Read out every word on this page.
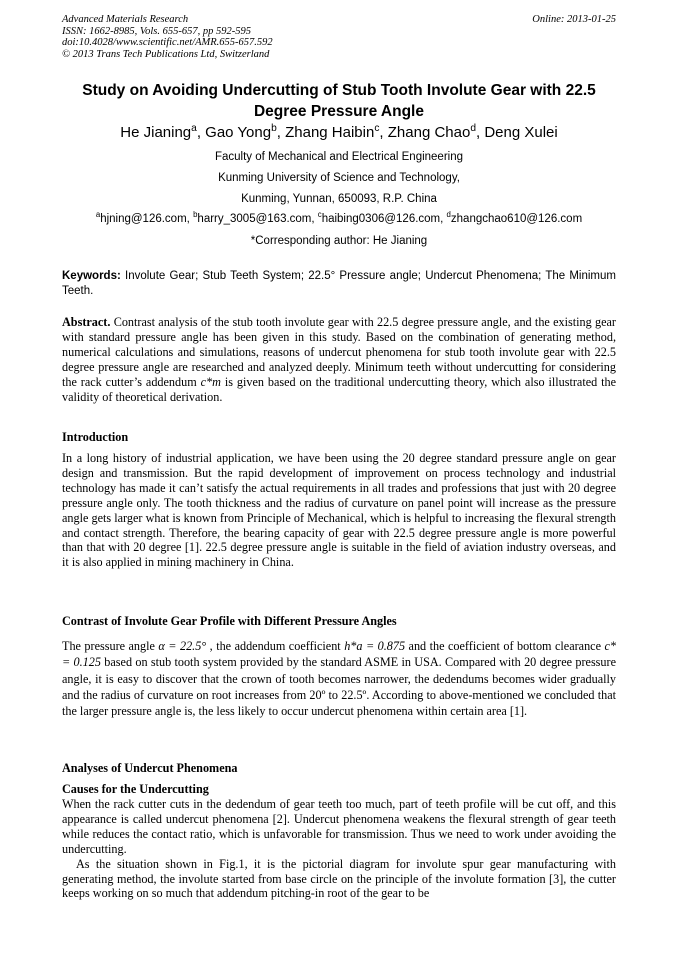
Advanced Materials Research
ISSN: 1662-8985, Vols. 655-657, pp 592-595
doi:10.4028/www.scientific.net/AMR.655-657.592
© 2013 Trans Tech Publications Ltd, Switzerland
Online: 2013-01-25
Study on Avoiding Undercutting of Stub Tooth Involute Gear with 22.5
Degree Pressure Angle
He Jianing$^a$, Gao Yong$^b$, Zhang Haibin$^c$, Zhang Chao$^d$, Deng Xulei
Faculty of Mechanical and Electrical Engineering
Kunming University of Science and Technology,
Kunming, Yunnan, 650093, R.P. China
$^a$hjning@126.com, $^b$harry_3005@163.com, $^c$haibing0306@126.com, $^d$zhangchao610@126.com
*Corresponding author: He Jianing
Keywords: Involute Gear; Stub Teeth System; 22.5° Pressure angle; Undercut Phenomena; The Minimum Teeth.
Abstract. Contrast analysis of the stub tooth involute gear with 22.5 degree pressure angle, and the existing gear with standard pressure angle has been given in this study. Based on the combination of generating method, numerical calculations and simulations, reasons of undercut phenomena for stub tooth involute gear with 22.5 degree pressure angle are researched and analyzed deeply. Minimum teeth without undercutting for considering the rack cutter’s addendum c*m is given based on the traditional undercutting theory, which also illustrated the validity of theoretical derivation.
Introduction
In a long history of industrial application, we have been using the 20 degree standard pressure angle on gear design and transmission. But the rapid development of improvement on process technology and industrial technology has made it can’t satisfy the actual requirements in all trades and professions that just with 20 degree pressure angle only. The tooth thickness and the radius of curvature on panel point will increase as the pressure angle gets larger what is known from Principle of Mechanical, which is helpful to increasing the flexural strength and contact strength. Therefore, the bearing capacity of gear with 22.5 degree pressure angle is more powerful than that with 20 degree [1]. 22.5 degree pressure angle is suitable in the field of aviation industry overseas, and it is also applied in mining machinery in China.
Contrast of Involute Gear Profile with Different Pressure Angles
The pressure angle α = 22.5° , the addendum coefficient h*a = 0.875 and the coefficient of bottom clearance c* = 0.125 based on stub tooth system provided by the standard ASME in USA. Compared with 20 degree pressure angle, it is easy to discover that the crown of tooth becomes narrower, the dedendums becomes wider gradually and the radius of curvature on root increases from 20º to 22.5º. According to above-mentioned we concluded that the larger pressure angle is, the less likely to occur undercut phenomena within certain area [1].
Analyses of Undercut Phenomena
Causes for the Undercutting

When the rack cutter cuts in the dedendum of gear teeth too much, part of teeth profile will be cut off, and this appearance is called undercut phenomena [2]. Undercut phenomena weakens the flexural strength of gear teeth while reduces the contact ratio, which is unfavorable for transmission. Thus we need to work under avoiding the undercutting.

As the situation shown in Fig.1, it is the pictorial diagram for involute spur gear manufacturing with generating method, the involute started from base circle on the principle of the involute formation [3], the cutter keeps working on so much that addendum pitching-in root of the gear to be
